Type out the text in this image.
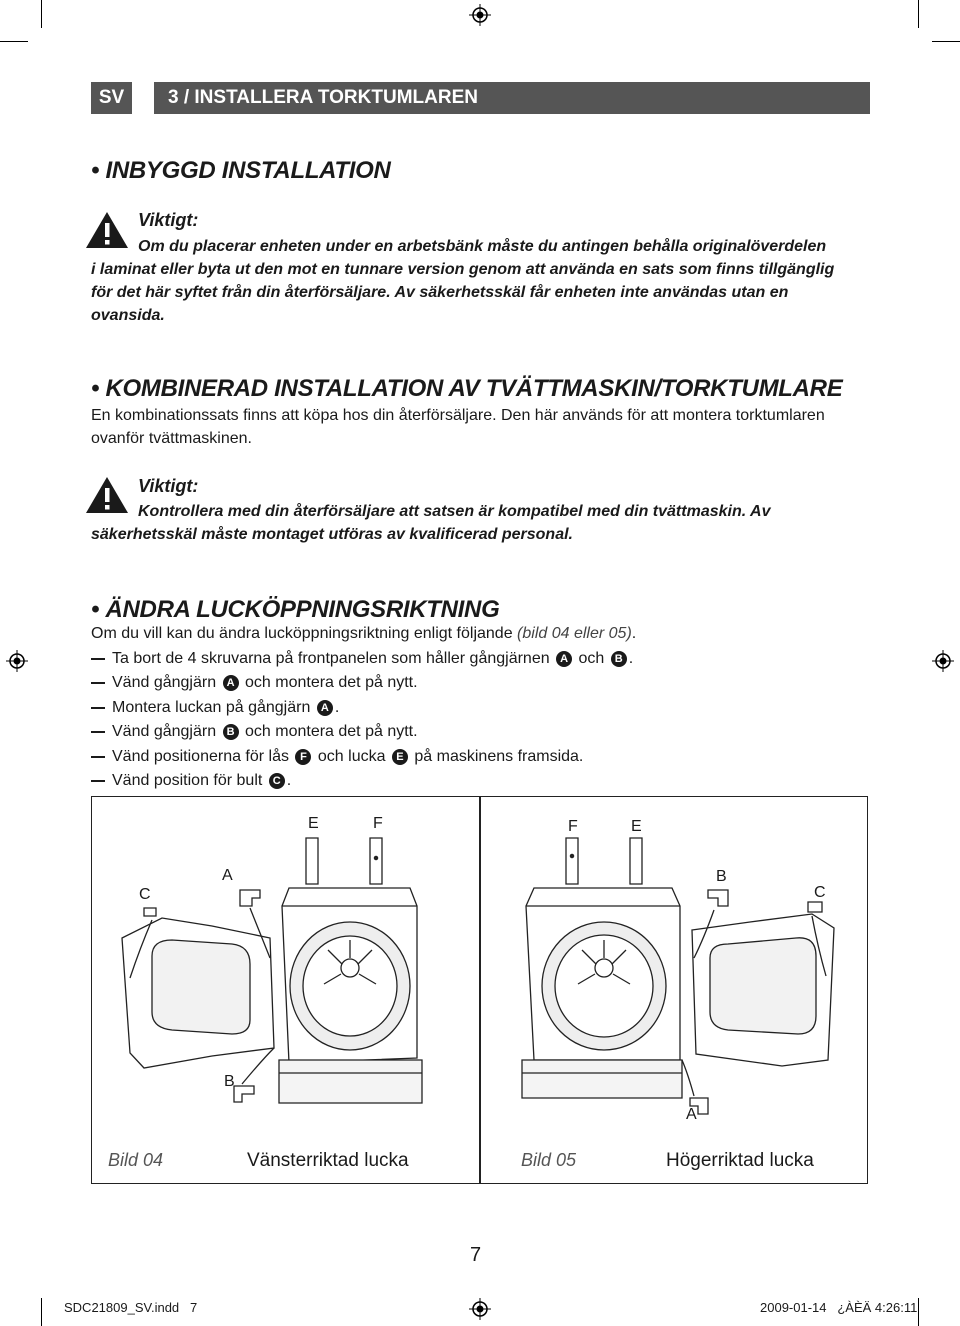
SV	3 / INSTALLERA TORKTUMLAREN
• INBYGGD INSTALLATION
Viktigt:
Om du placerar enheten under en arbetsbänk måste du antingen behålla originalöverdelen
i laminat eller byta ut den mot en tunnare version genom att använda en sats som finns tillgänglig
för det här syftet från din återförsäljare. Av säkerhetsskäl får enheten inte användas utan en
ovansida.
• KOMBINERAD INSTALLATION AV TVÄTTMASKIN/TORKTUMLARE
En kombinationssats finns att köpa hos din återförsäljare. Den här används för att montera torktumlaren
ovanför tvättmaskinen.
Viktigt:
Kontrollera med din återförsäljare att satsen är kompatibel med din tvättmaskin. Av
säkerhetsskäl måste montaget utföras av kvalificerad personal.
• ÄNDRA LUCKÖPPNINGSRIKTNING
Om du vill kan du ändra lucköppningsriktning enligt följande
(bild 04 eller 05) .
Ta bort de 4 skruvarna på frontpanelen som håller gångjärnen
A
och
B .
Vänd gångjärn
A
och montera det på nytt.
Montera luckan på gångjärn
A .
Vänd gångjärn
B
och montera det på nytt.
Vänd positionerna för lås
	F
och lucka
E
på maskinens framsida.
Vänd position för bult
C .
E	F
A
C
B
F	E
B
C
A
Bild 04	Vänsterriktad lucka	Bild 05	Högerriktad lucka
7
SDC21809_SV.indd   7	2009-01-14   ¿ÀÈÄ 4:26:11
